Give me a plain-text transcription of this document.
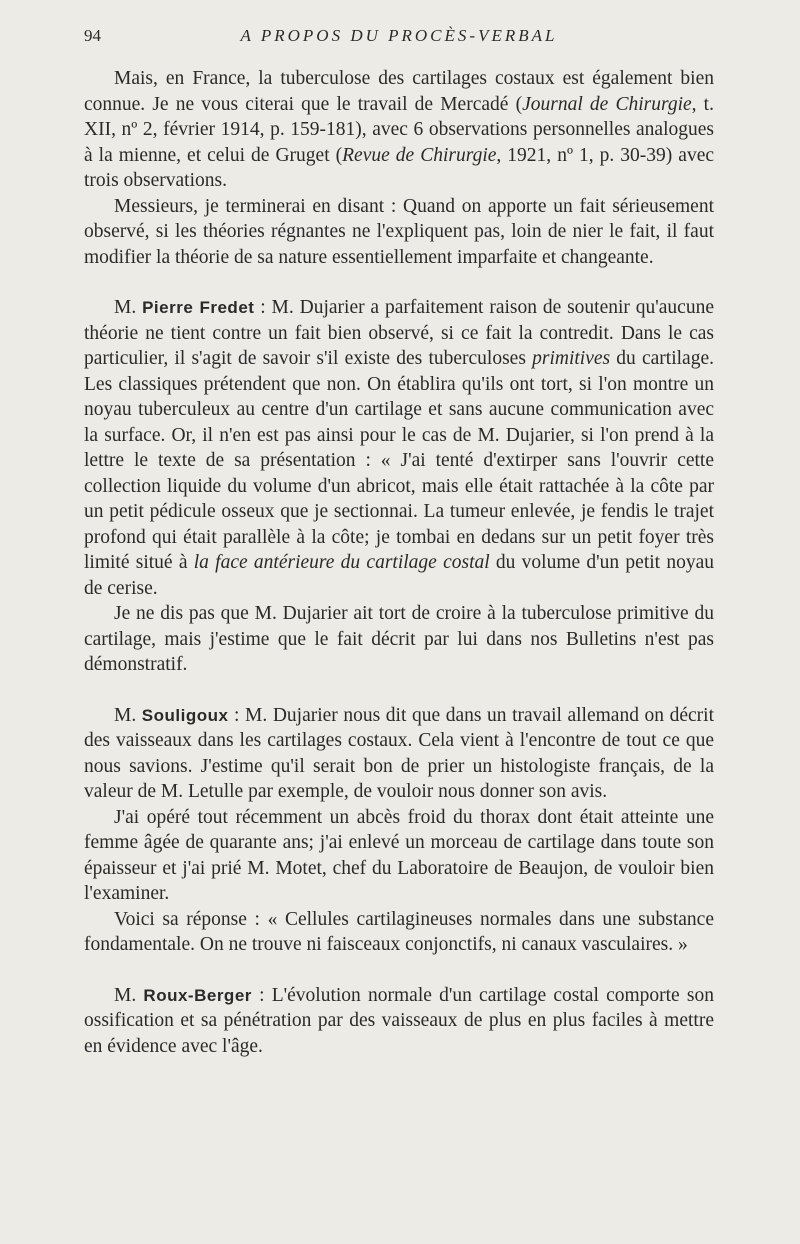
94	A PROPOS DU PROCÈS-VERBAL

Mais, en France, la tuberculose des cartilages costaux est également bien connue. Je ne vous citerai que le travail de Mercadé (Journal de Chirurgie, t. XII, nº 2, février 1914, p. 159-181), avec 6 observations personnelles analogues à la mienne, et celui de Gruget (Revue de Chirurgie, 1921, nº 1, p. 30-39) avec trois observations.

Messieurs, je terminerai en disant : Quand on apporte un fait sérieusement observé, si les théories régnantes ne l'expliquent pas, loin de nier le fait, il faut modifier la théorie de sa nature essentiellement imparfaite et changeante.

M. Pierre Fredet : M. Dujarier a parfaitement raison de soutenir qu'aucune théorie ne tient contre un fait bien observé, si ce fait la contredit. Dans le cas particulier, il s'agit de savoir s'il existe des tuberculoses primitives du cartilage. Les classiques prétendent que non. On établira qu'ils ont tort, si l'on montre un noyau tuberculeux au centre d'un cartilage et sans aucune communication avec la surface. Or, il n'en est pas ainsi pour le cas de M. Dujarier, si l'on prend à la lettre le texte de sa présentation : « J'ai tenté d'extirper sans l'ouvrir cette collection liquide du volume d'un abricot, mais elle était rattachée à la côte par un petit pédicule osseux que je sectionnai. La tumeur enlevée, je fendis le trajet profond qui était parallèle à la côte; je tombai en dedans sur un petit foyer très limité situé à la face antérieure du cartilage costal du volume d'un petit noyau de cerise.

Je ne dis pas que M. Dujarier ait tort de croire à la tuberculose primitive du cartilage, mais j'estime que le fait décrit par lui dans nos Bulletins n'est pas démonstratif.

M. Souligoux : M. Dujarier nous dit que dans un travail allemand on décrit des vaisseaux dans les cartilages costaux. Cela vient à l'encontre de tout ce que nous savions. J'estime qu'il serait bon de prier un histologiste français, de la valeur de M. Letulle par exemple, de vouloir nous donner son avis.

J'ai opéré tout récemment un abcès froid du thorax dont était atteinte une femme âgée de quarante ans; j'ai enlevé un morceau de cartilage dans toute son épaisseur et j'ai prié M. Motet, chef du Laboratoire de Beaujon, de vouloir bien l'examiner.

Voici sa réponse : « Cellules cartilagineuses normales dans une substance fondamentale. On ne trouve ni faisceaux conjonctifs, ni canaux vasculaires. »

M. Roux-Berger : L'évolution normale d'un cartilage costal comporte son ossification et sa pénétration par des vaisseaux de plus en plus faciles à mettre en évidence avec l'âge.
